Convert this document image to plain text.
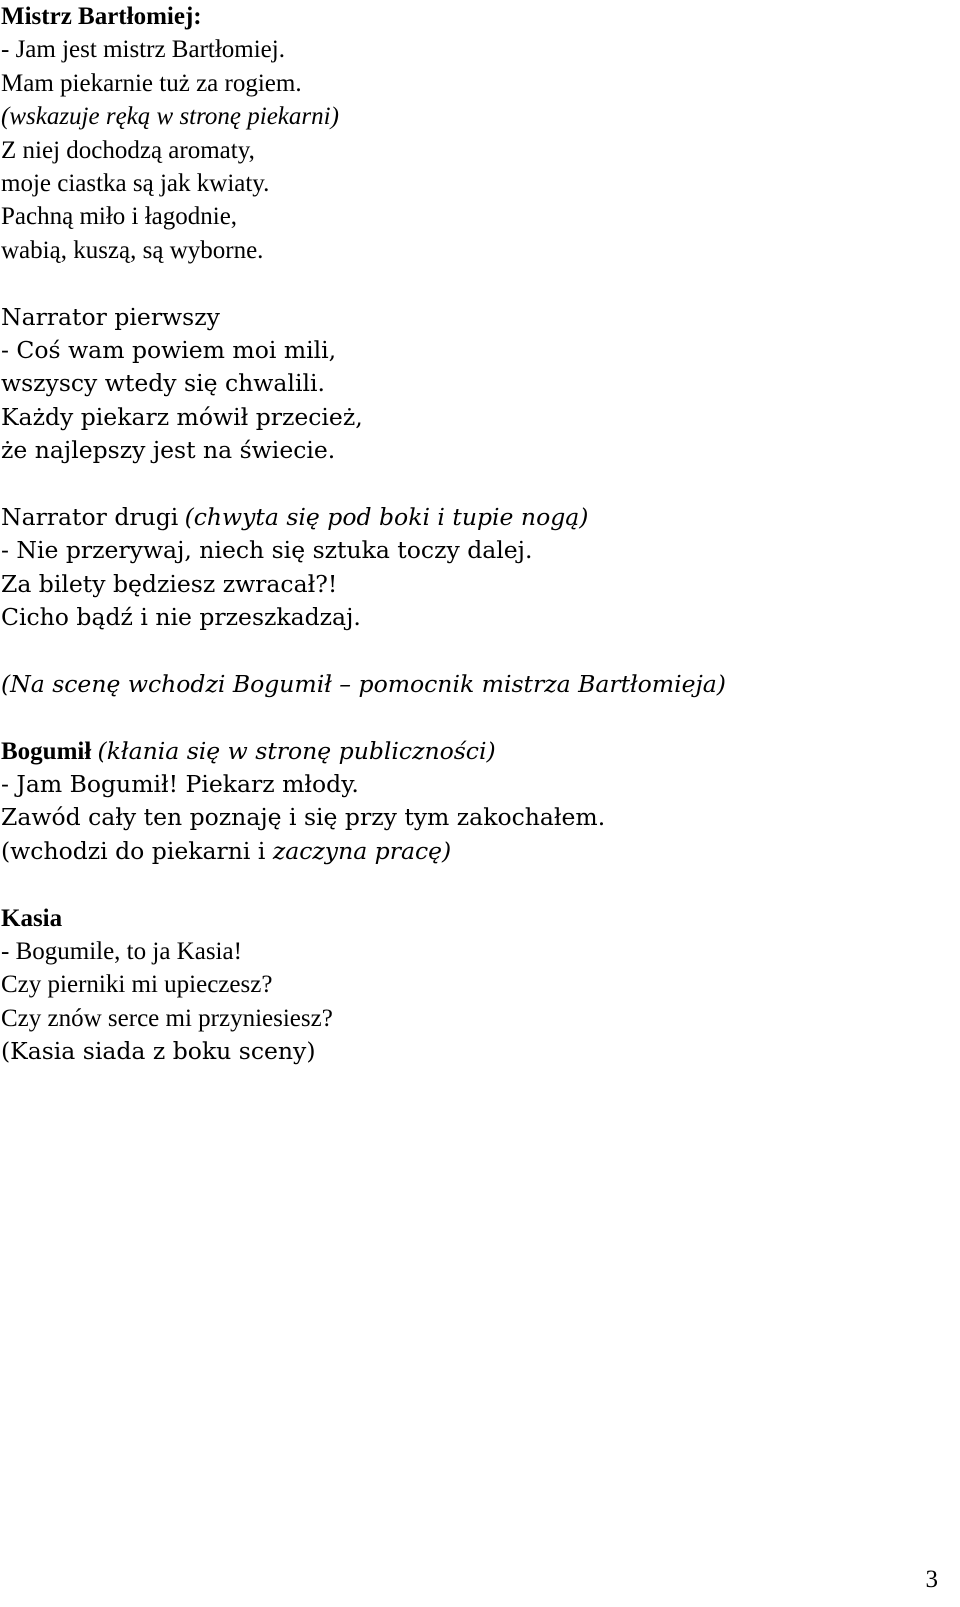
Mistrz Bartłomiej:
- Jam jest mistrz Bartłomiej.
Mam piekarnie tuż za rogiem.
(wskazuje ręką w stronę piekarni)
Z niej dochodzą aromaty,
moje ciastka są jak kwiaty.
Pachną miło i łagodnie,
wabią, kuszą, są wyborne.
Narrator pierwszy
- Coś wam powiem moi mili,
wszyscy wtedy się chwalili.
Każdy piekarz mówił przecież,
że najlepszy jest na świecie.
Narrator drugi (chwyta się pod boki i tupie nogą)
- Nie przerywaj, niech się sztuka toczy dalej.
Za bilety będziesz zwracał?!
Cicho bądź i nie przeszkadzaj.
(Na scenę wchodzi Bogumił – pomocnik mistrza Bartłomieja)
Bogumił (kłania się w stronę publiczności)
- Jam Bogumił! Piekarz młody.
Zawód cały ten poznaję i się przy tym zakochałem.
(wchodzi do piekarni i zaczyna pracę)
Kasia
- Bogumile, to ja Kasia!
Czy pierniki mi upieczesz?
Czy znów serce mi przyniesiesz?
(Kasia siada z boku sceny)
3
